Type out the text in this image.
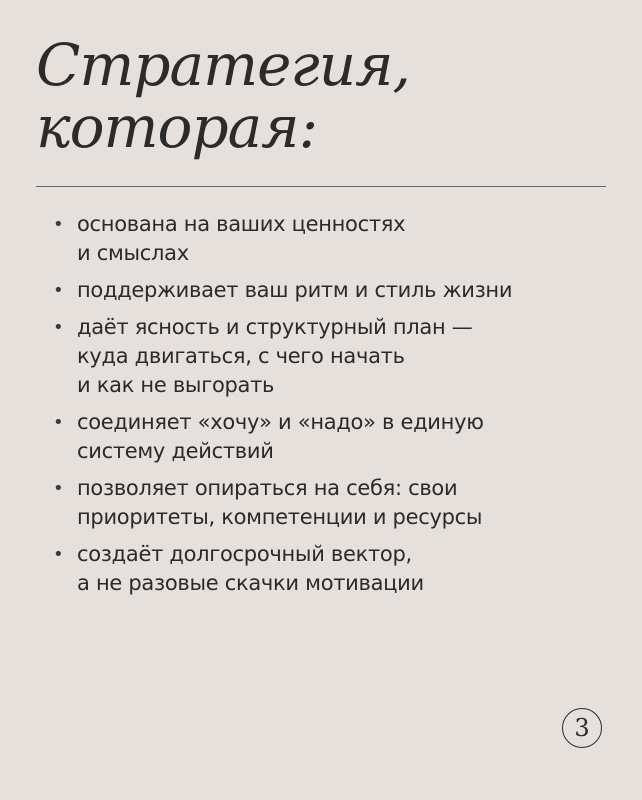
Стратегия,
которая:
• основана на ваших ценностях
и смыслах
• поддерживает ваш ритм и стиль жизни
• даёт ясность и структурный план —
куда двигаться, с чего начать
и как не выгорать
• соединяет «хочу» и «надо» в единую
систему действий
• позволяет опираться на себя: свои
приоритеты, компетенции и ресурсы
• создаёт долгосрочный вектор,
а не разовые скачки мотивации
3
